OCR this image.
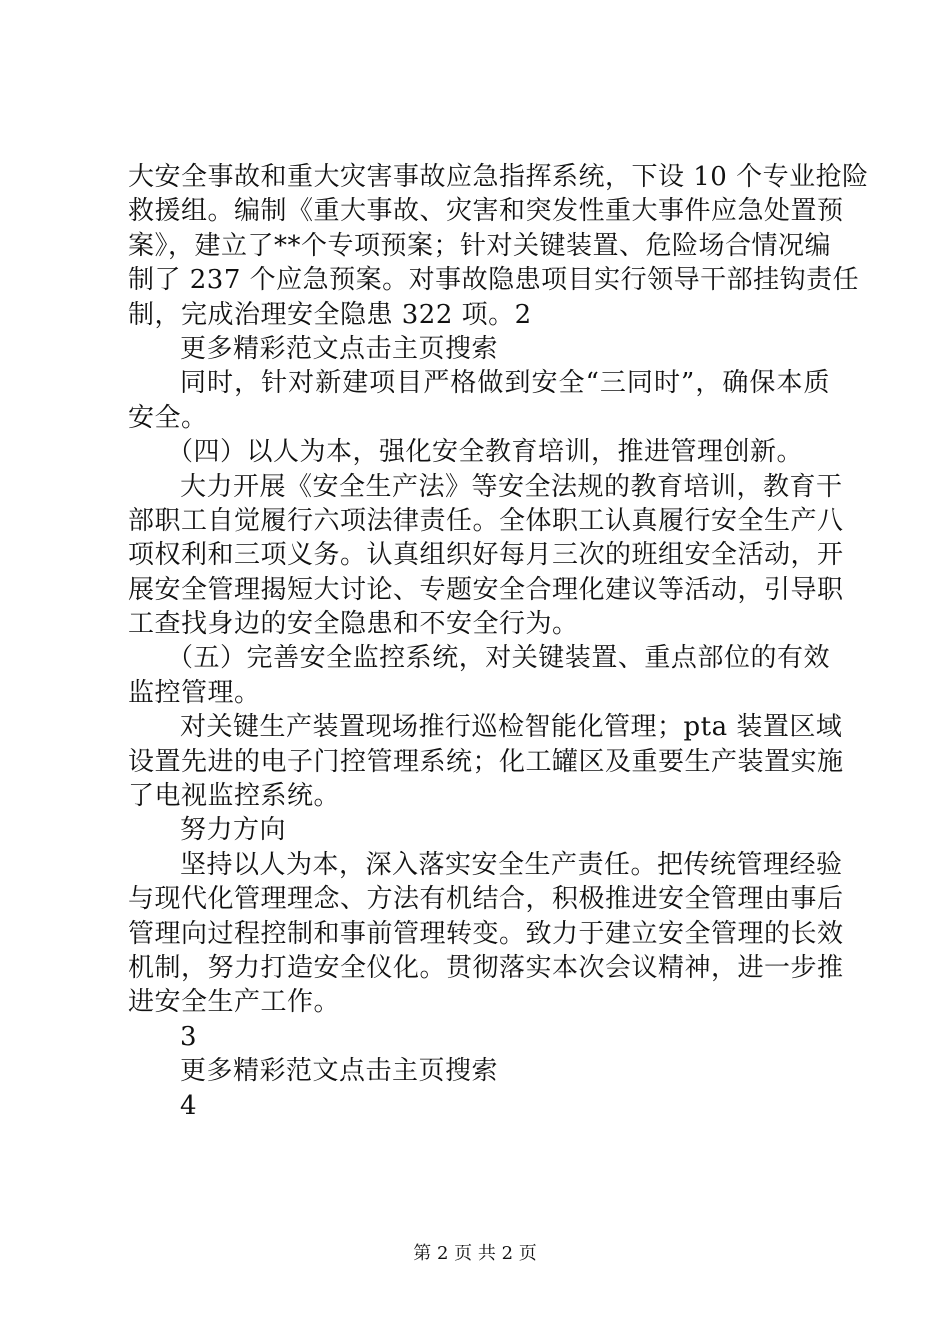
大安全事故和重大灾害事故应急指挥系统，下设 10 个专业抢险
救援组。编制《重大事故、灾害和突发性重大事件应急处置预
案》，建立了**个专项预案；针对关键装置、危险场合情况编
制了 237 个应急预案。对事故隐患项目实行领导干部挂钩责任
制，完成治理安全隐患 322 项。2
更多精彩范文点击主页搜索
同时，针对新建项目严格做到安全“三同时”，确保本质
安全。
（四）以人为本，强化安全教育培训，推进管理创新。
大力开展《安全生产法》等安全法规的教育培训，教育干
部职工自觉履行六项法律责任。全体职工认真履行安全生产八
项权利和三项义务。认真组织好每月三次的班组安全活动，开
展安全管理揭短大讨论、专题安全合理化建议等活动，引导职
工查找身边的安全隐患和不安全行为。
（五）完善安全监控系统，对关键装置、重点部位的有效
监控管理。
对关键生产装置现场推行巡检智能化管理；pta 装置区域
设置先进的电子门控管理系统；化工罐区及重要生产装置实施
了电视监控系统。
努力方向
坚持以人为本，深入落实安全生产责任。把传统管理经验
与现代化管理理念、方法有机结合，积极推进安全管理由事后
管理向过程控制和事前管理转变。致力于建立安全管理的长效
机制，努力打造安全仪化。贯彻落实本次会议精神，进一步推
进安全生产工作。
3
更多精彩范文点击主页搜索
4
第 2 页 共 2 页
